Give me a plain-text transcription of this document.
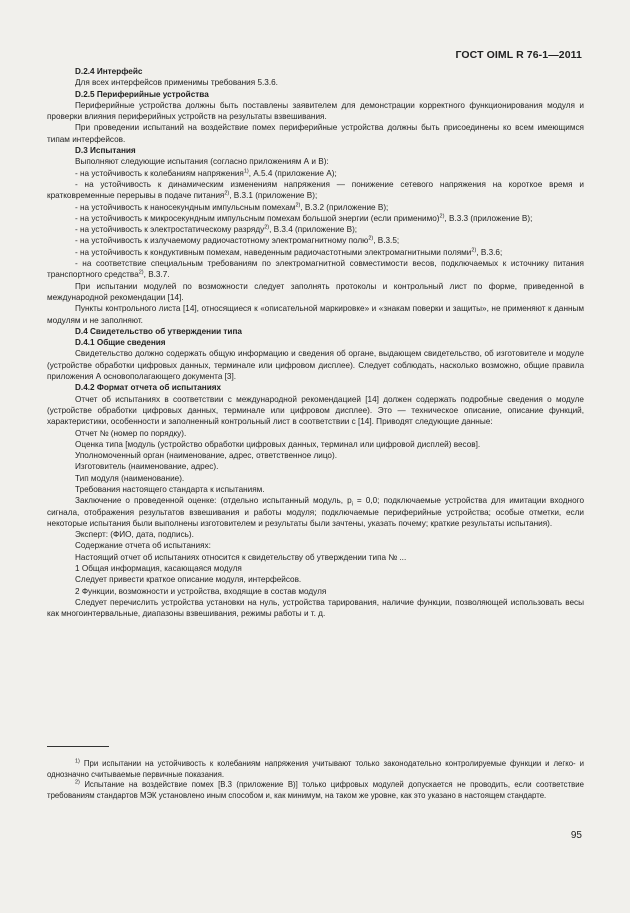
ГОСТ OIML R 76-1—2011

D.2.4 Интерфейс

Для всех интерфейсов применимы требования 5.3.6.

D.2.5 Периферийные устройства

Периферийные устройства должны быть поставлены заявителем для демонстрации корректного функционирования модуля и проверки влияния периферийных устройств на результаты взвешивания.

При проведении испытаний на воздействие помех периферийные устройства должны быть присоединены ко всем имеющимся типам интерфейсов.

D.3 Испытания

Выполняют следующие испытания (согласно приложениям А и В):

- на устойчивость к колебаниям напряжения$^{1)}$, А.5.4 (приложение А);

- на устойчивость к динамическим изменениям напряжения — понижение сетевого напряжения на короткое время и кратковременные перерывы в подаче питания$^{2)}$, В.3.1 (приложение В);

- на устойчивость к наносекундным импульсным помехам$^{2)}$, В.3.2 (приложение В);

- на устойчивость к микросекундным импульсным помехам большой энергии (если применимо)$^{2)}$, В.3.3 (приложение В);

- на устойчивость к электростатическому разряду$^{2)}$, В.3.4 (приложение В);

- на устойчивость к излучаемому радиочастотному электромагнитному полю$^{2)}$, В.3.5;

- на устойчивость к кондуктивным помехам, наведенным радиочастотными электромагнитными полями$^{2)}$, В.3.6;

- на соответствие специальным требованиям по электромагнитной совместимости весов, подключаемых к источнику питания транспортного средства$^{2)}$, В.3.7.

При испытании модулей по возможности следует заполнять протоколы и контрольный лист по форме, приведенной в международной рекомендации [14].

Пункты контрольного листа [14], относящиеся к «описательной маркировке» и «знакам поверки и защиты», не применяют к данным модулям и не заполняют.

D.4 Свидетельство об утверждении типа

D.4.1 Общие сведения

Свидетельство должно содержать общую информацию и сведения об органе, выдающем свидетельство, об изготовителе и модуле (устройстве обработки цифровых данных, терминале или цифровом дисплее). Следует соблюдать, насколько возможно, общие правила приложения А основополагающего документа [3].

D.4.2 Формат отчета об испытаниях

Отчет об испытаниях в соответствии с международной рекомендацией [14] должен содержать подробные сведения о модуле (устройстве обработки цифровых данных, терминале или цифровом дисплее). Это — техническое описание, описание функций, характеристики, особенности и заполненный контрольный лист в соответствии с [14]. Приводят следующие данные:

Отчет № (номер по порядку).

Оценка типа [модуль (устройство обработки цифровых данных, терминал или цифровой дисплей) весов].

Уполномоченный орган (наименование, адрес, ответственное лицо).

Изготовитель (наименование, адрес).

Тип модуля (наименование).

Требования настоящего стандарта к испытаниям.

Заключение о проведенной оценке: (отдельно испытанный модуль, $p_i = 0,0$; подключаемые устройства для имитации входного сигнала, отображения результатов взвешивания и работы модуля; подключаемые периферийные устройства; особые отметки, если некоторые испытания были выполнены изготовителем и результаты были зачтены, указать почему; краткие результаты испытания).

Эксперт: (ФИО, дата, подпись).

Содержание отчета об испытаниях:

Настоящий отчет об испытаниях относится к свидетельству об утверждении типа № ...

1 Общая информация, касающаяся модуля

Следует привести краткое описание модуля, интерфейсов.

2 Функции, возможности и устройства, входящие в состав модуля

Следует перечислить устройства установки на нуль, устройства тарирования, наличие функции, позволяющей использовать весы как многоинтервальные, диапазоны взвешивания, режимы работы и т. д.

$^{1)}$ При испытании на устойчивость к колебаниям напряжения учитывают только законодательно контролируемые функции и легко- и однозначно считываемые первичные показания.

$^{2)}$ Испытание на воздействие помех [В.3 (приложение В)] только цифровых модулей допускается не проводить, если соответствие требованиям стандартов МЭК установлено иным способом и, как минимум, на таком же уровне, как это указано в настоящем стандарте.

95
